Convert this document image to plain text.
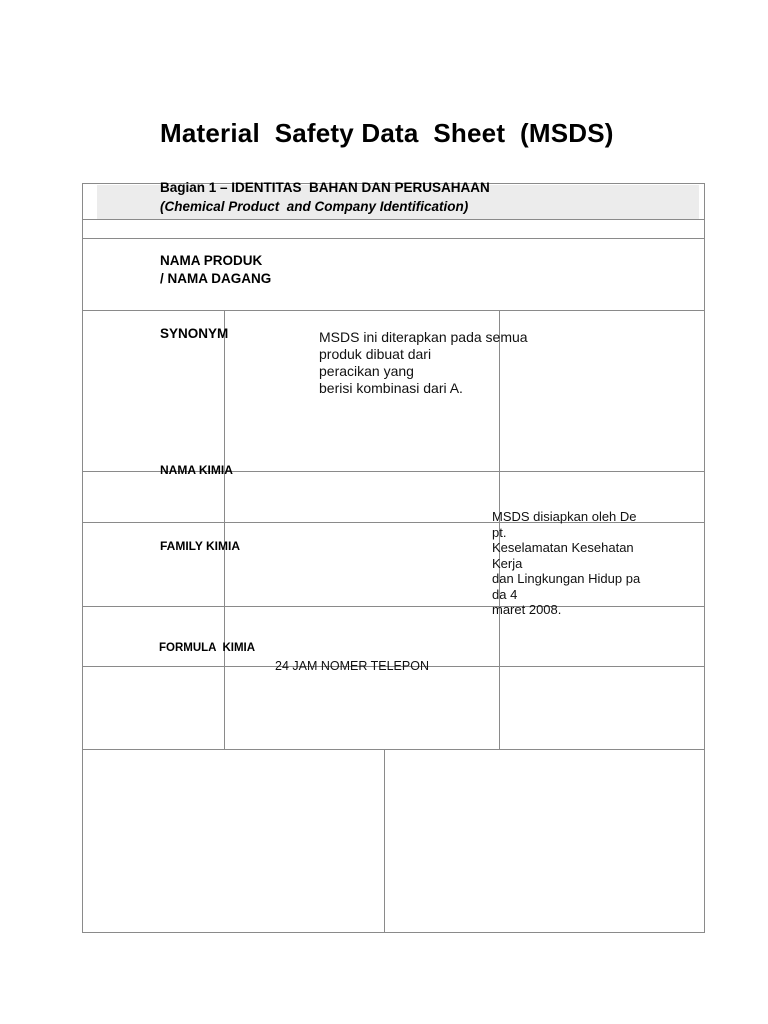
Material  Safety Data  Sheet  (MSDS)
Bagian 1 – IDENTITAS  BAHAN DAN PERUSAHAAN
(Chemical Product  and Company Identification)
NAMA PRODUK
/ NAMA DAGANG
SYNONYM
NAMA KIMIA
FAMILY KIMIA
FORMULA  KIMIA
MSDS ini diterapkan pada semua
produk dibuat dari
peracikan yang
berisi kombinasi dari A.
MSDS disiapkan oleh De
pt.
Keselamatan Kesehatan
Kerja
dan Lingkungan Hidup pa
da 4
maret 2008.
24 JAM NOMER TELEPON
